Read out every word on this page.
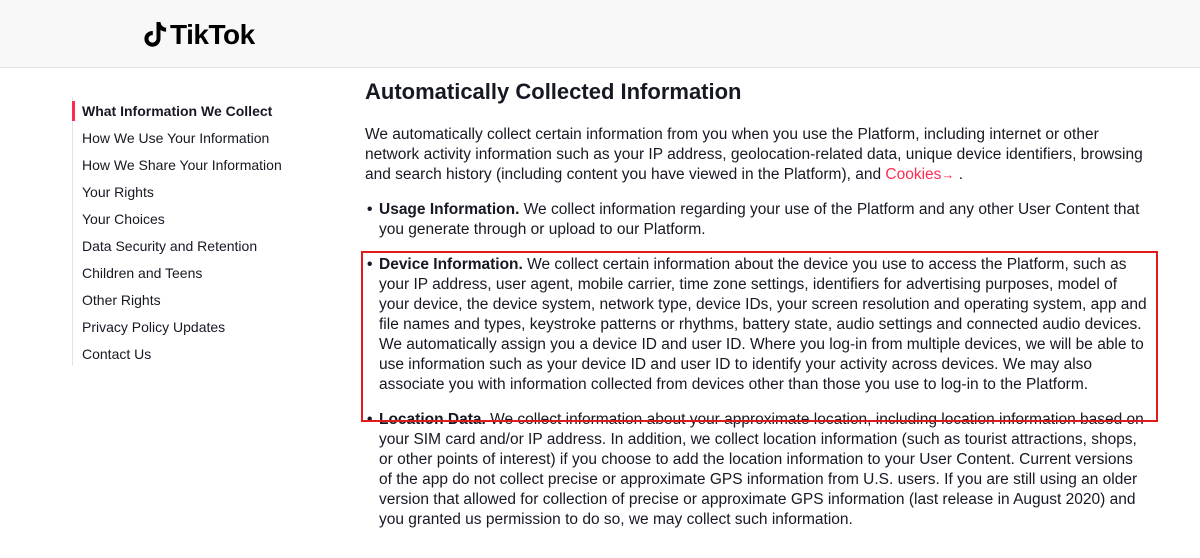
TikTok
What Information We Collect
How We Use Your Information
How We Share Your Information
Your Rights
Your Choices
Data Security and Retention
Children and Teens
Other Rights
Privacy Policy Updates
Contact Us
Automatically Collected Information

We automatically collect certain information from you when you use the Platform, including internet or other network activity information such as your IP address, geolocation-related data, unique device identifiers, browsing and search history (including content you have viewed in the Platform), and Cookies→ .

• Usage Information. We collect information regarding your use of the Platform and any other User Content that you generate through or upload to our Platform.
• Device Information. We collect certain information about the device you use to access the Platform, such as your IP address, user agent, mobile carrier, time zone settings, identifiers for advertising purposes, model of your device, the device system, network type, device IDs, your screen resolution and operating system, app and file names and types, keystroke patterns or rhythms, battery state, audio settings and connected audio devices. We automatically assign you a device ID and user ID. Where you log-in from multiple devices, we will be able to use information such as your device ID and user ID to identify your activity across devices. We may also associate you with information collected from devices other than those you use to log-in to the Platform.
• Location Data. We collect information about your approximate location, including location information based on your SIM card and/or IP address. In addition, we collect location information (such as tourist attractions, shops, or other points of interest) if you choose to add the location information to your User Content. Current versions of the app do not collect precise or approximate GPS information from U.S. users. If you are still using an older version that allowed for collection of precise or approximate GPS information (last release in August 2020) and you granted us permission to do so, we may collect such information.
